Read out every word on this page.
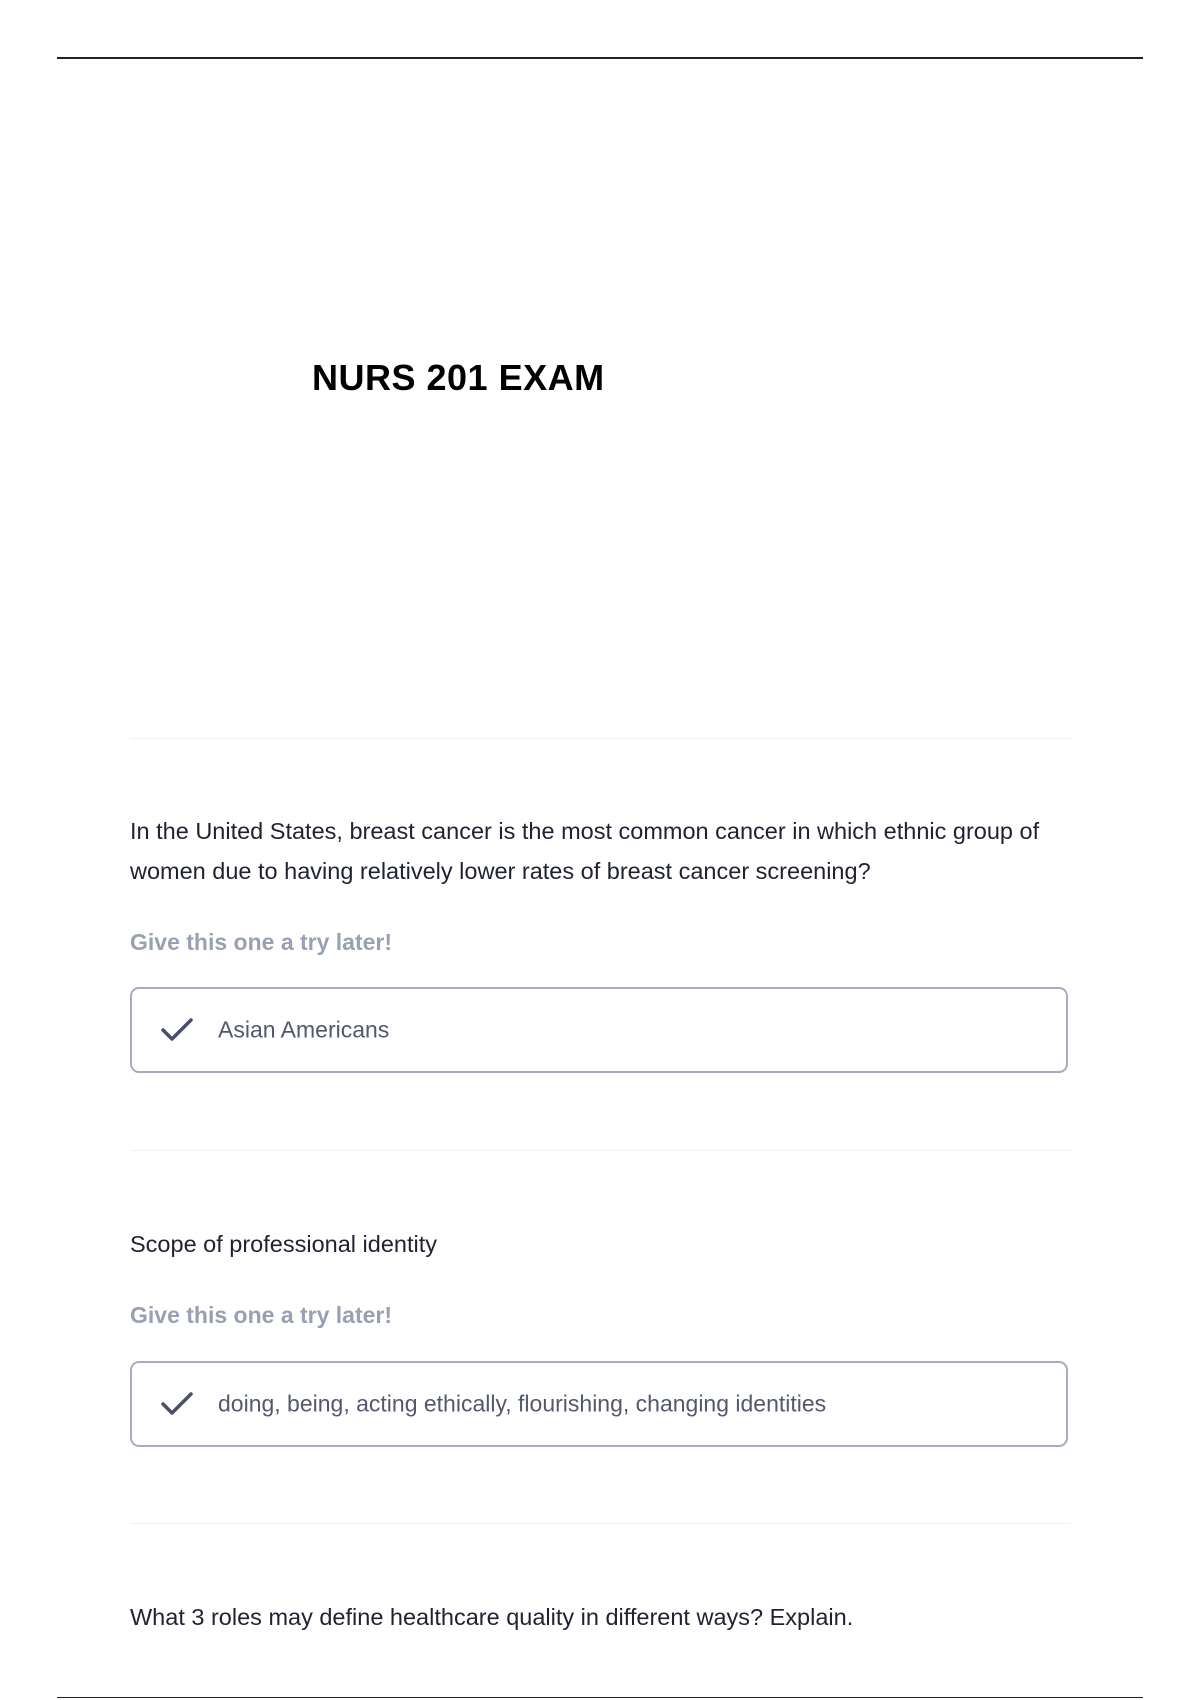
NURS 201 EXAM

In the United States, breast cancer is the most common cancer in which ethnic group of women due to having relatively lower rates of breast cancer screening?

Give this one a try later!

Asian Americans

Scope of professional identity

Give this one a try later!

doing, being, acting ethically, flourishing, changing identities

What 3 roles may define healthcare quality in different ways? Explain.
